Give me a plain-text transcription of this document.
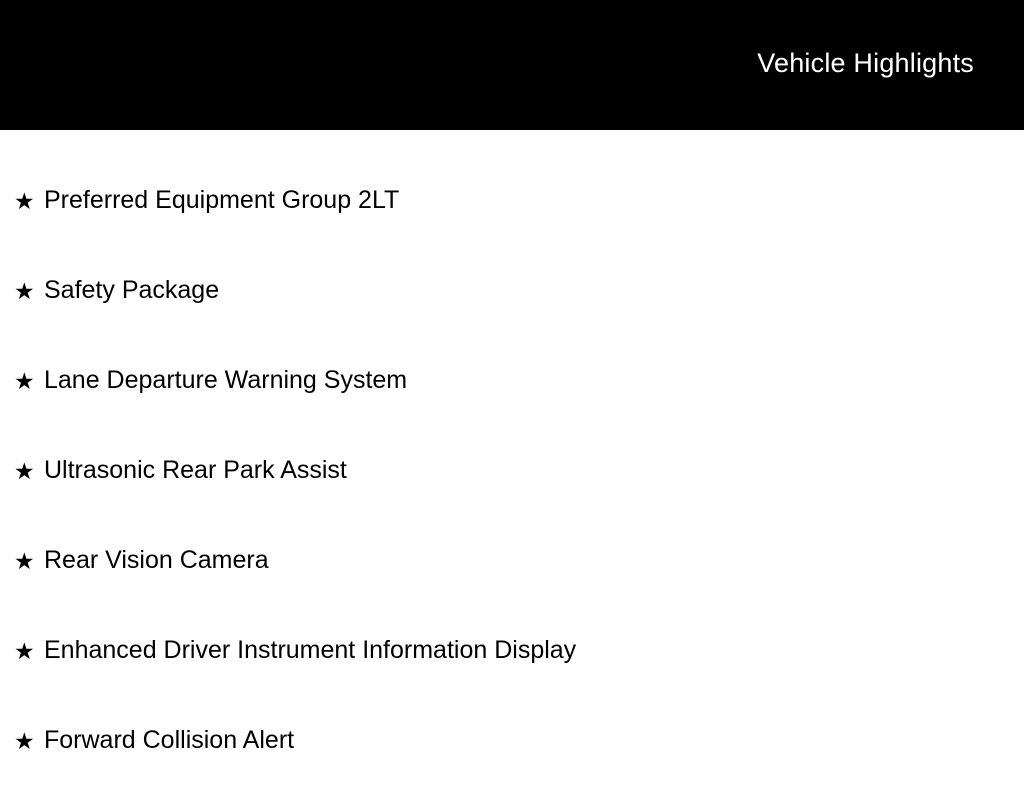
Vehicle Highlights
★ Preferred Equipment Group 2LT
★ Safety Package
★ Lane Departure Warning System
★ Ultrasonic Rear Park Assist
★ Rear Vision Camera
★ Enhanced Driver Instrument Information Display
★ Forward Collision Alert
